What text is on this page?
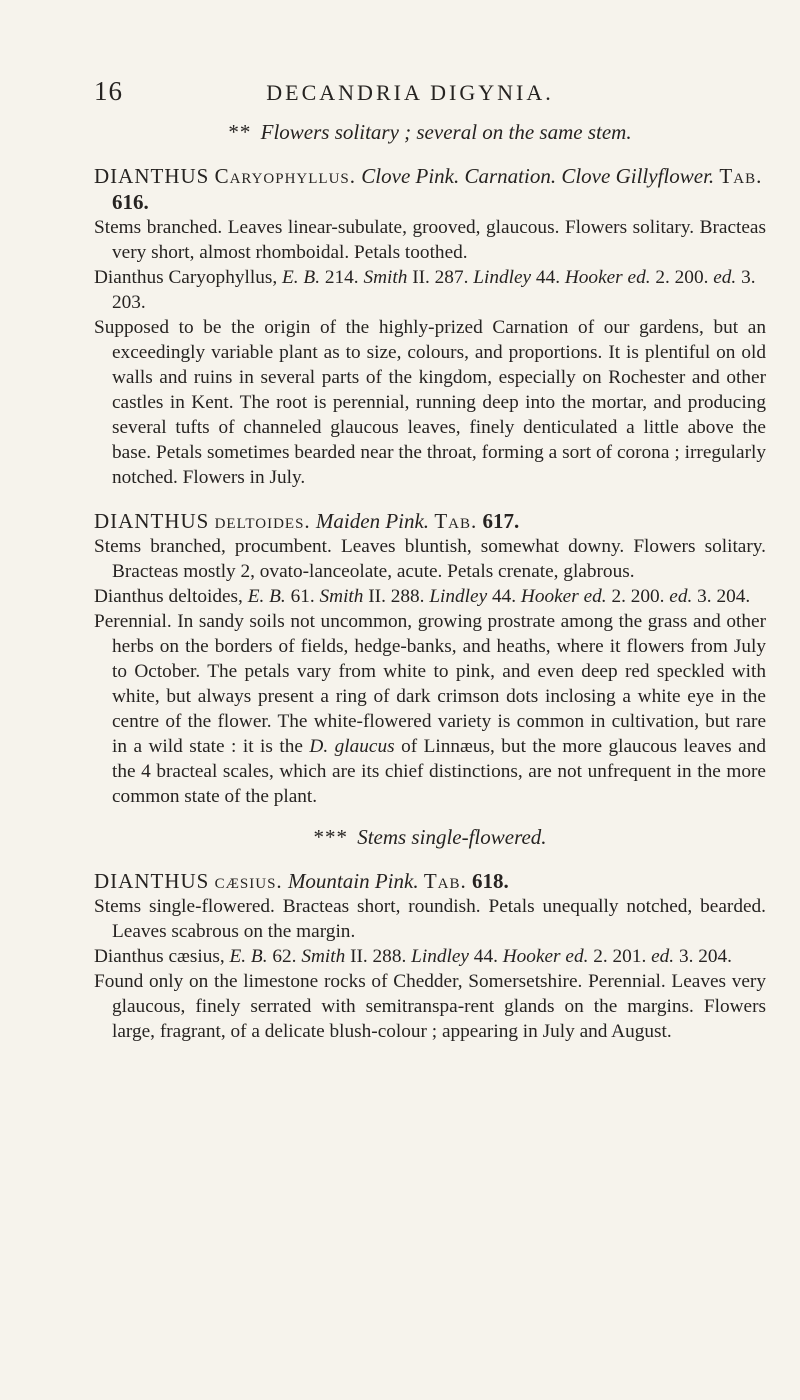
16	DECANDRIA DIGYNIA.

** Flowers solitary ; several on the same stem.

DIANTHUS Caryophyllus. Clove Pink. Carnation. Clove Gillyflower. Tab. 616.

Stems branched. Leaves linear-subulate, grooved, glaucous. Flowers solitary. Bracteas very short, almost rhomboidal. Petals toothed.

Dianthus Caryophyllus, E. B. 214. Smith II. 287. Lindley 44. Hooker ed. 2. 200. ed. 3. 203.

Supposed to be the origin of the highly-prized Carnation of our gardens, but an exceedingly variable plant as to size, colours, and proportions. It is plentiful on old walls and ruins in several parts of the kingdom, especially on Rochester and other castles in Kent. The root is perennial, running deep into the mortar, and producing several tufts of channeled glaucous leaves, finely denticulated a little above the base. Petals sometimes bearded near the throat, forming a sort of corona ; irregularly notched. Flowers in July.

DIANTHUS deltoides. Maiden Pink. Tab. 617.

Stems branched, procumbent. Leaves bluntish, somewhat downy. Flowers solitary. Bracteas mostly 2, ovato-lanceolate, acute. Petals crenate, glabrous.

Dianthus deltoides, E. B. 61. Smith II. 288. Lindley 44. Hooker ed. 2. 200. ed. 3. 204.

Perennial. In sandy soils not uncommon, growing prostrate among the grass and other herbs on the borders of fields, hedge-banks, and heaths, where it flowers from July to October. The petals vary from white to pink, and even deep red speckled with white, but always present a ring of dark crimson dots inclosing a white eye in the centre of the flower. The white-flowered variety is common in cultivation, but rare in a wild state : it is the D. glaucus of Linnæus, but the more glaucous leaves and the 4 bracteal scales, which are its chief distinctions, are not unfrequent in the more common state of the plant.

*** Stems single-flowered.

DIANTHUS cæsius. Mountain Pink. Tab. 618.

Stems single-flowered. Bracteas short, roundish. Petals unequally notched, bearded. Leaves scabrous on the margin.

Dianthus cæsius, E. B. 62. Smith II. 288. Lindley 44. Hooker ed. 2. 201. ed. 3. 204.

Found only on the limestone rocks of Chedder, Somersetshire. Perennial. Leaves very glaucous, finely serrated with semitranspa-rent glands on the margins. Flowers large, fragrant, of a delicate blush-colour ; appearing in July and August.
